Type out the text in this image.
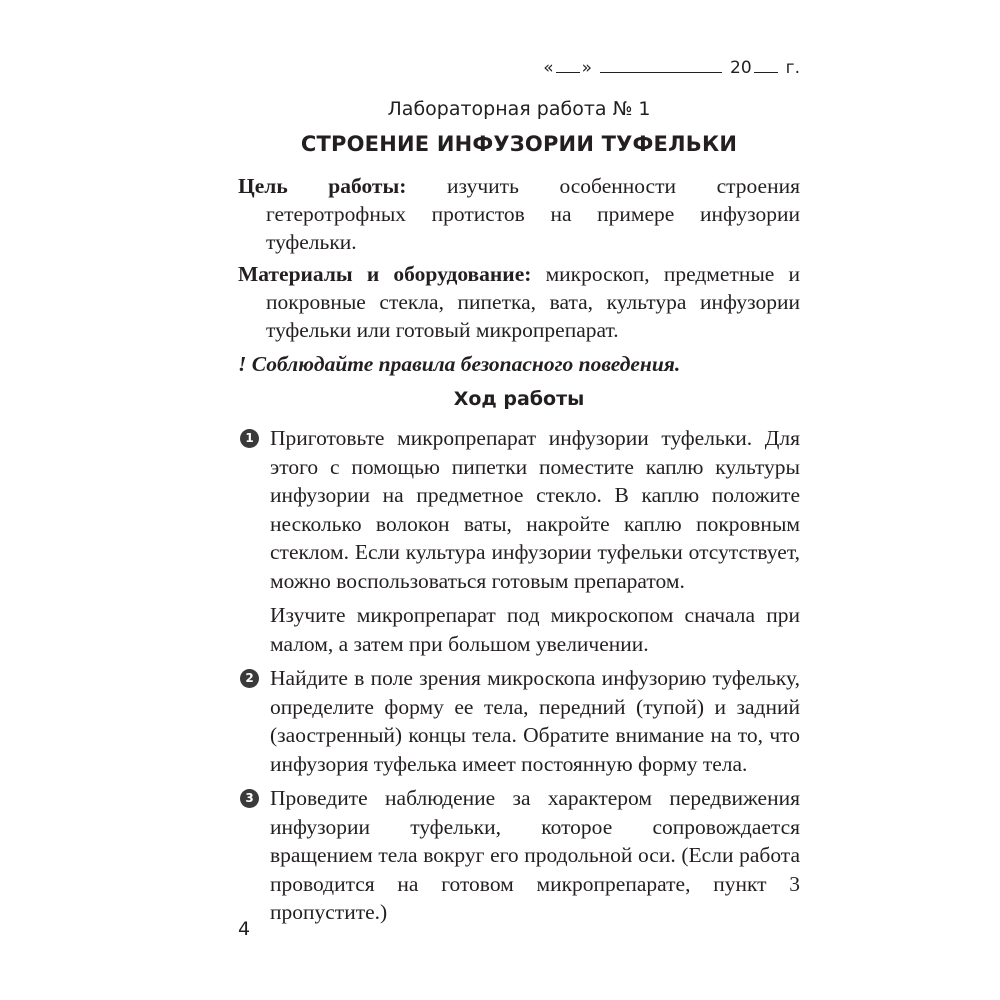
« »	20 г.
Лабораторная работа № 1
СТРОЕНИЕ ИНФУЗОРИИ ТУФЕЛЬКИ
Цель работы: изучить особенности строения гетеротрофных протистов на примере инфузории туфельки.
Материалы и оборудование: микроскоп, предметные и покровные стекла, пипетка, вата, культура инфузории туфельки или готовый микропрепарат.
! Соблюдайте правила безопасного поведения.
Ход работы
1 Приготовьте микропрепарат инфузории туфельки. Для этого с помощью пипетки поместите каплю культуры инфузории на предметное стекло. В каплю положите несколько волокон ваты, накройте каплю покровным стеклом. Если культура инфузории туфельки отсутствует, можно воспользоваться готовым препаратом.
Изучите микропрепарат под микроскопом сначала при малом, а затем при большом увеличении.
2 Найдите в поле зрения микроскопа инфузорию туфельку, определите форму ее тела, передний (тупой) и задний (заостренный) концы тела. Обратите внимание на то, что инфузория туфелька имеет постоянную форму тела.
3 Проведите наблюдение за характером передвижения инфузории туфельки, которое сопровождается вращением тела вокруг его продольной оси. (Если работа проводится на готовом микропрепарате, пункт 3 пропустите.)
4
